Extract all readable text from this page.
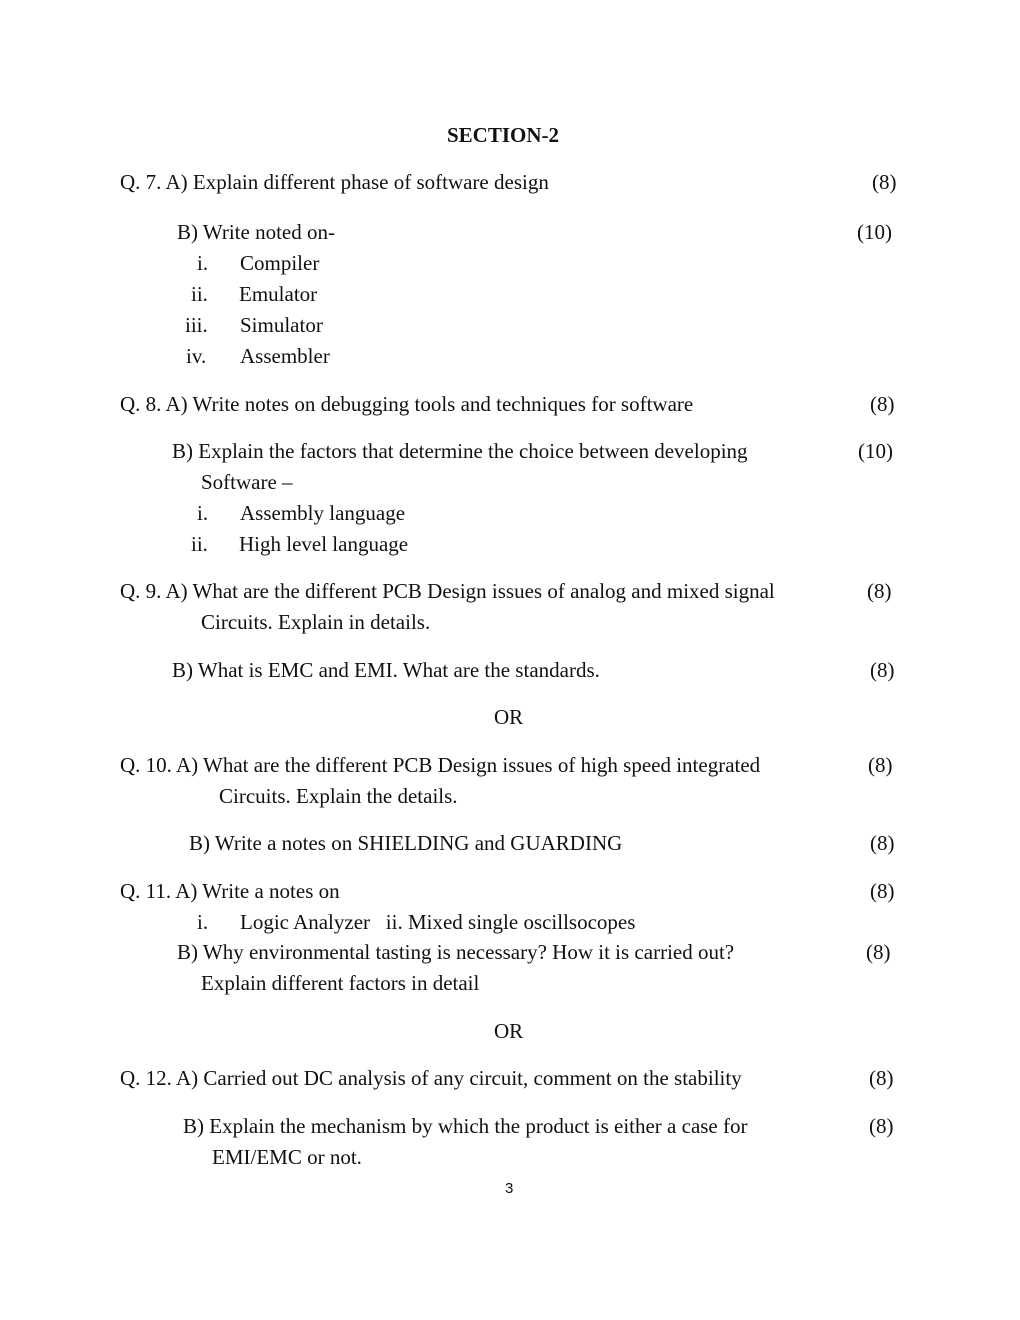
SECTION-2
Q. 7. A) Explain different phase of software design	(8)
B) Write noted on-	(10)
i. Compiler
ii. Emulator
iii. Simulator
iv. Assembler
Q. 8. A) Write notes on debugging tools and techniques for software	(8)
B) Explain the factors that determine the choice between developing	(10)
Software –
i. Assembly language
ii. High level language
Q. 9. A) What are the different PCB Design issues of analog and mixed signal	(8)
Circuits. Explain in details.
B) What is EMC and EMI. What are the standards.	(8)
OR
Q. 10. A) What are the different PCB Design issues of high speed integrated	(8)
Circuits. Explain the details.
B) Write a notes on SHIELDING and GUARDING	(8)
Q. 11. A) Write a notes on	(8)
i. Logic Analyzer   ii. Mixed single oscillsocopes
B) Why environmental tasting is necessary? How it is carried out?	(8)
Explain different factors in detail
OR
Q. 12. A) Carried out DC analysis of any circuit, comment on the stability	(8)
B) Explain the mechanism by which the product is either a case for	(8)
EMI/EMC or not.
3
